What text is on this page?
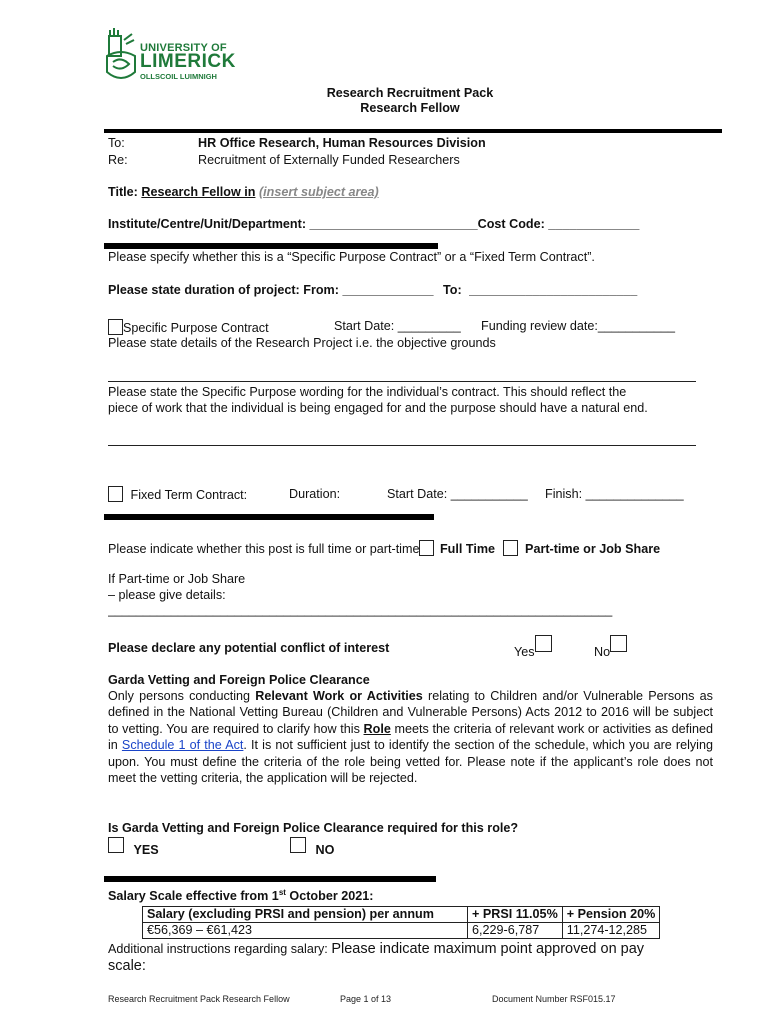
UNIVERSITY OF
LIMERICK
OLLSCOIL LUIMNIGH
Research Recruitment Pack
Research Fellow
To:	HR Office Research, Human Resources Division
Re:	Recruitment of Externally Funded Researchers
Title: Research Fellow in (insert subject area)
Institute/Centre/Unit/Department: ________________________Cost Code: _____________
Please specify whether this is a “Specific Purpose Contract” or a “Fixed Term Contract”.
Please state duration of project: From: _____________ To: ________________________
Specific Purpose Contract	Start Date: _________ Funding review date:___________
Please state details of the Research Project i.e. the objective grounds
Please state the Specific Purpose wording for the individual’s contract. This should reflect the
piece of work that the individual is being engaged for and the purpose should have a natural end.
Fixed Term Contract:	Duration:	Start Date: ___________ Finish: ______________
Please indicate whether this post is full time or part-time Full Time Part-time or Job Share
If Part-time or Job Share
– please give details:
________________________________________________________________________
Please declare any potential conflict of interest	Yes	No
Garda Vetting and Foreign Police Clearance
Only persons conducting Relevant Work or Activities relating to Children and/or Vulnerable Persons as defined in the National Vetting Bureau (Children and Vulnerable Persons) Acts 2012 to 2016 will be subject to vetting. You are required to clarify how this Role meets the criteria of relevant work or activities as defined in Schedule 1 of the Act. It is not sufficient just to identify the section of the schedule, which you are relying upon. You must define the criteria of the role being vetted for. Please note if the applicant’s role does not meet the vetting criteria, the application will be rejected.
Is Garda Vetting and Foreign Police Clearance required for this role?
YES	NO
Salary Scale effective from 1st October 2021:
Salary (excluding PRSI and pension) per annum	+ PRSI 11.05%	+ Pension 20%
€56,369 – €61,423	6,229-6,787	11,274-12,285
Additional instructions regarding salary: Please indicate maximum point approved on pay
scale:
Research Recruitment Pack Research Fellow	Page 1 of 13	Document Number RSF015.17
